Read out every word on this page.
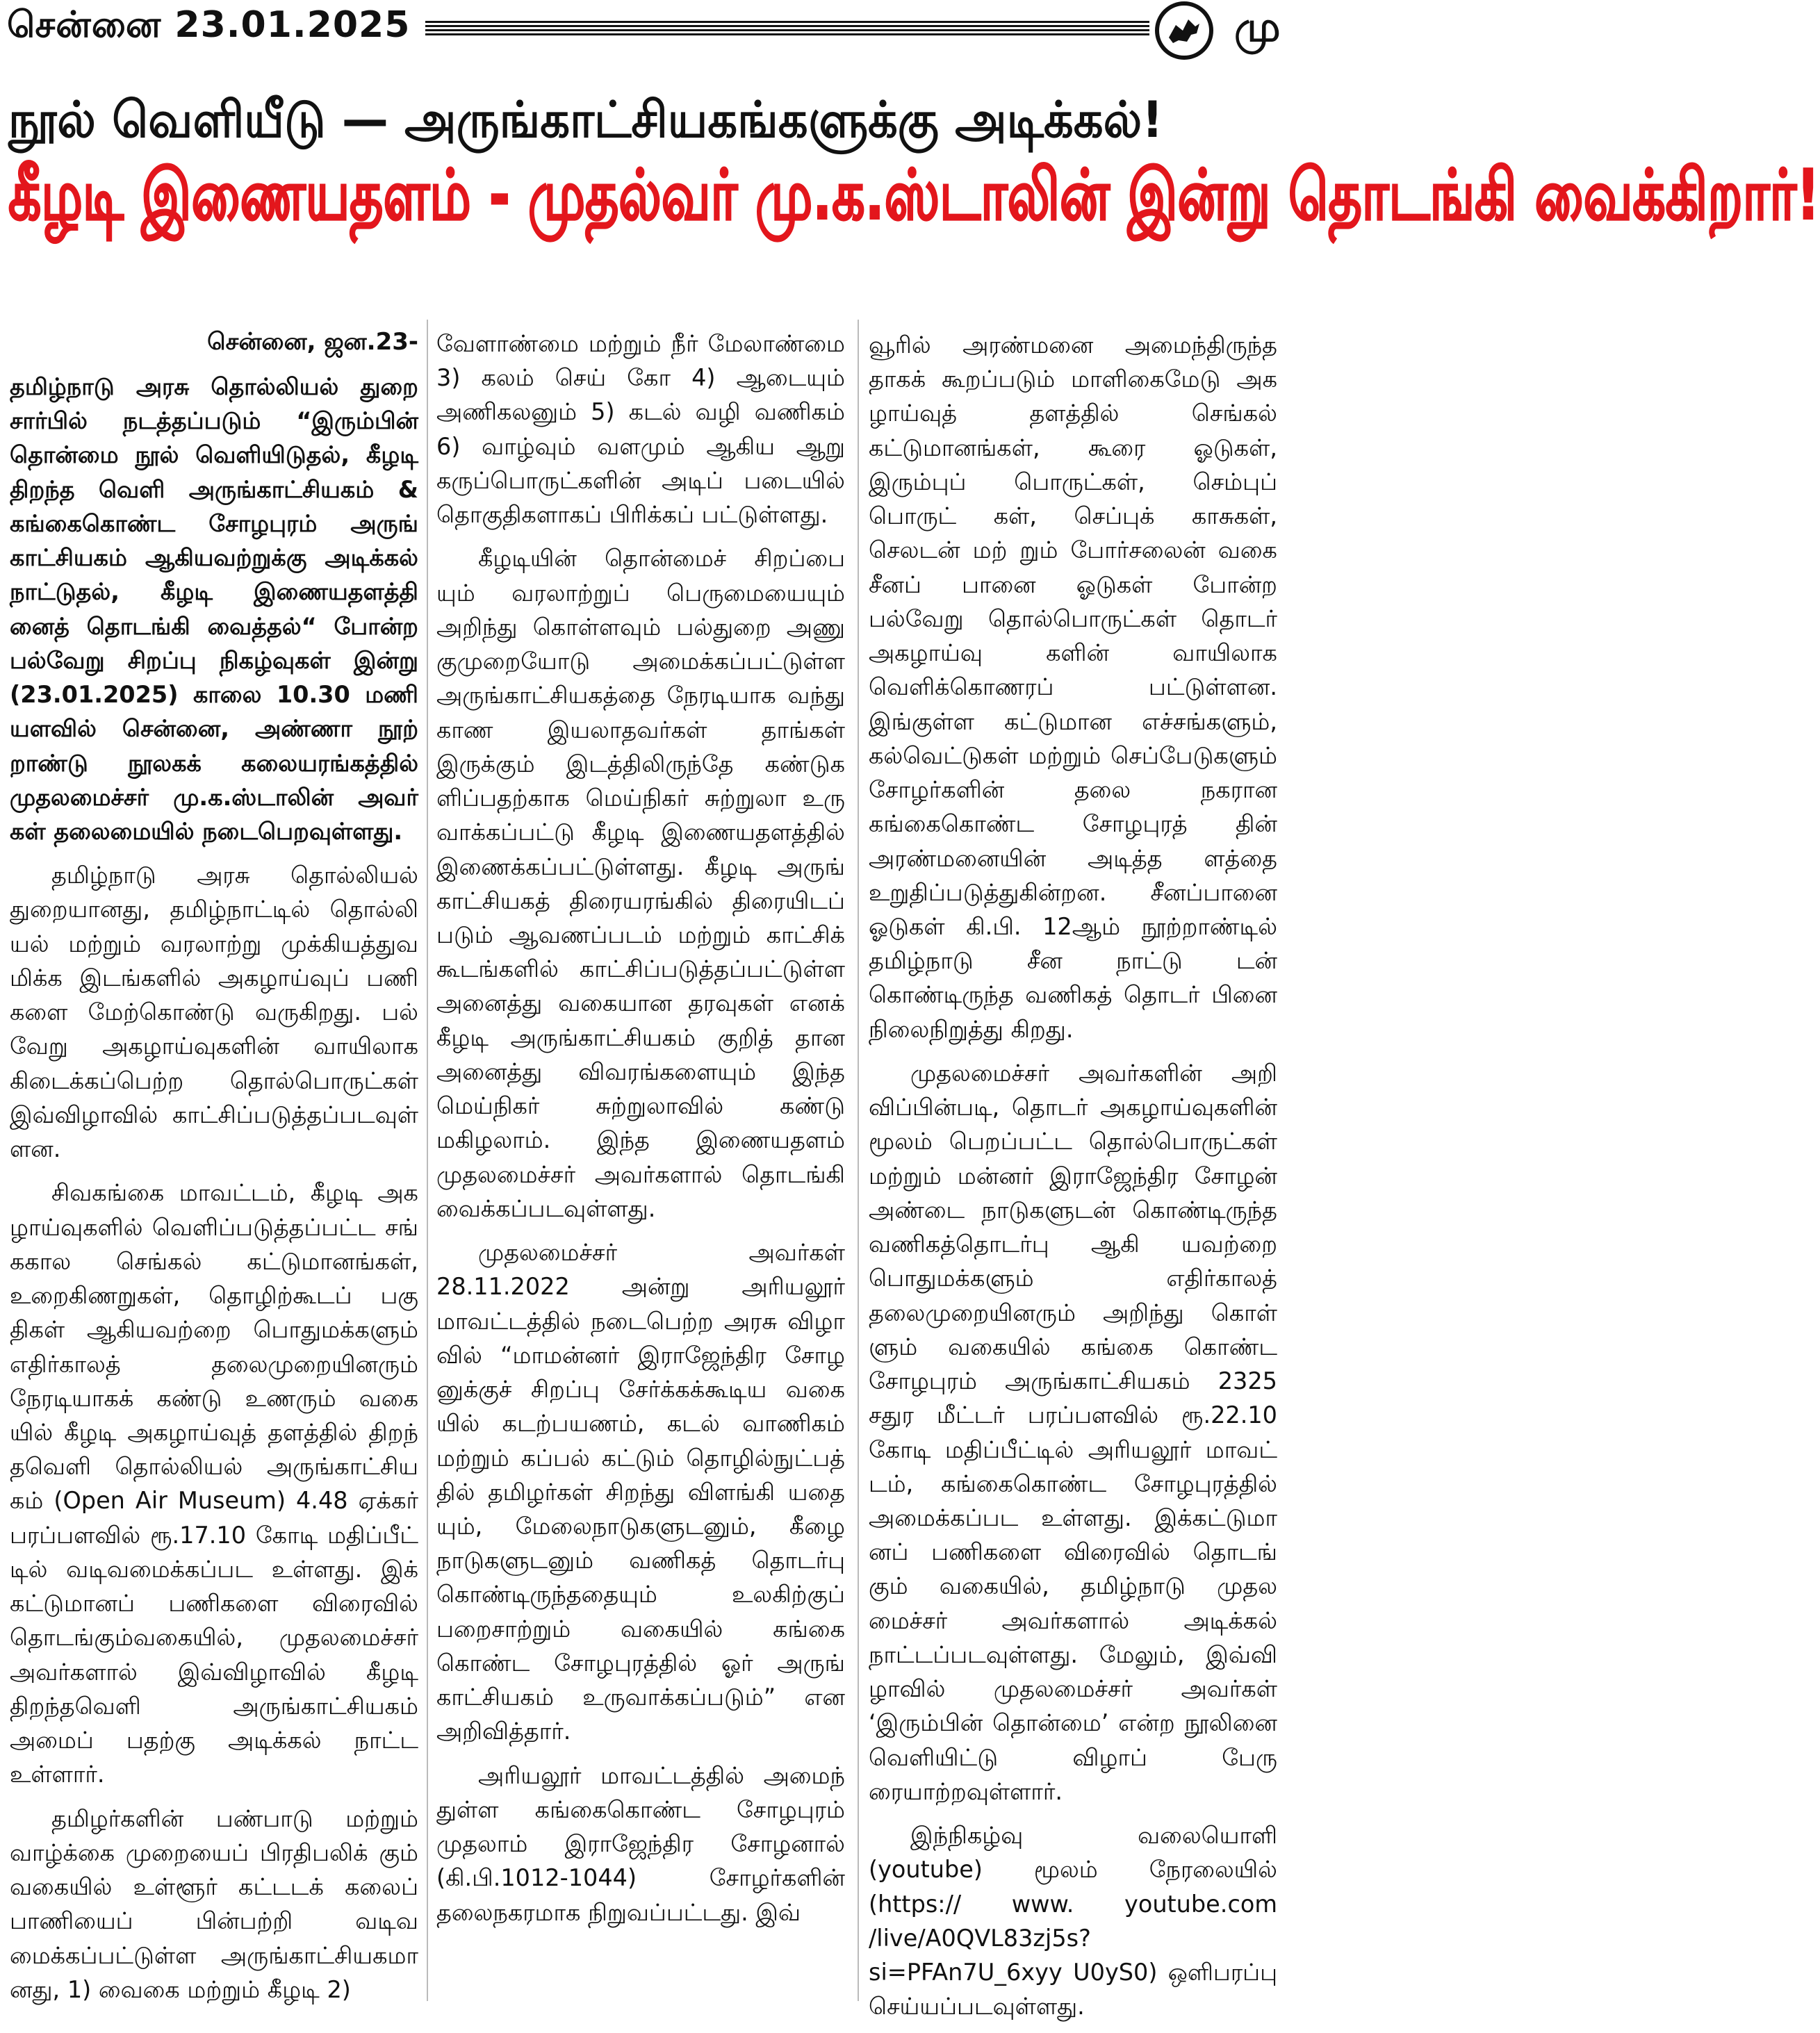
சென்னை 23.01.2025	மு
நூல் வெளியீடு — அருங்காட்சியகங்களுக்கு அடிக்கல்!
கீழடி இணையதளம் - முதல்வர் மு.க.ஸ்டாலின் இன்று தொடங்கி வைக்கிறார்!

சென்னை, ஜன.23-

தமிழ்நாடு அரசு தொல்லியல் துறை சார்பில் நடத்தப்படும் “இரும்பின் தொன்மை நூல் வெளியிடுதல், கீழடி திறந்த வெளி அருங்காட்சியகம் & கங்கைகொண்ட சோழபுரம் அருங் காட்சியகம் ஆகியவற்றுக்கு அடிக்கல் நாட்டுதல், கீழடி இணையதளத்தி னைத் தொடங்கி வைத்தல்“ போன்ற பல்வேறு சிறப்பு நிகழ்வுகள் இன்று (23.01.2025) காலை 10.30 மணி யளவில் சென்னை, அண்ணா நூற் றாண்டு நூலகக் கலையரங்கத்தில் முதலமைச்சர் மு.க.ஸ்டாலின் அவர் கள் தலைமையில் நடைபெறவுள்ளது.

தமிழ்நாடு அரசு தொல்லியல் துறையானது, தமிழ்நாட்டில் தொல்லி யல் மற்றும் வரலாற்று முக்கியத்துவ மிக்க இடங்களில் அகழாய்வுப் பணி களை மேற்கொண்டு வருகிறது. பல் வேறு அகழாய்வுகளின் வாயிலாக கிடைக்கப்பெற்ற தொல்பொருட்கள் இவ்விழாவில் காட்சிப்படுத்தப்படவுள் ளன.

சிவகங்கை மாவட்டம், கீழடி அக ழாய்வுகளில் வெளிப்படுத்தப்பட்ட சங் ககால செங்கல் கட்டுமானங்கள், உறைகிணறுகள், தொழிற்கூடப் பகு திகள் ஆகியவற்றை பொதுமக்களும் எதிர்காலத் தலைமுறையினரும் நேரடியாகக் கண்டு உணரும் வகை யில் கீழடி அகழாய்வுத் தளத்தில் திறந் தவெளி தொல்லியல் அருங்காட்சிய கம் (Open Air Museum) 4.48 ஏக்கர் பரப்பளவில் ரூ.17.10 கோடி மதிப்பீட் டில் வடிவமைக்கப்பட உள்ளது. இக் கட்டுமானப் பணிகளை விரைவில் தொடங்கும்வகையில், முதலமைச்சர் அவர்களால் இவ்விழாவில் கீழடி திறந்தவெளி அருங்காட்சியகம் அமைப் பதற்கு அடிக்கல் நாட்ட உள்ளார்.

தமிழர்களின் பண்பாடு மற்றும் வாழ்க்கை முறையைப் பிரதிபலிக் கும் வகையில் உள்ளூர் கட்டடக் கலைப் பாணியைப் பின்பற்றி வடிவ மைக்கப்பட்டுள்ள அருங்காட்சியகமா னது, 1) வைகை மற்றும் கீழடி 2)

வேளாண்மை மற்றும் நீர் மேலாண்மை 3) கலம் செய் கோ 4) ஆடையும் அணிகலனும் 5) கடல் வழி வணிகம் 6) வாழ்வும் வளமும் ஆகிய ஆறு கருப்பொருட்களின் அடிப் படையில் தொகுதிகளாகப் பிரிக்கப் பட்டுள்ளது.

கீழடியின் தொன்மைச் சிறப்பை யும் வரலாற்றுப் பெருமையையும் அறிந்து கொள்ளவும் பல்துறை அணு குமுறையோடு அமைக்கப்பட்டுள்ள அருங்காட்சியகத்தை நேரடியாக வந்து காண இயலாதவர்கள் தாங்கள் இருக்கும் இடத்திலிருந்தே கண்டுக ளிப்பதற்காக மெய்நிகர் சுற்றுலா உரு வாக்கப்பட்டு கீழடி இணையதளத்தில் இணைக்கப்பட்டுள்ளது. கீழடி அருங் காட்சியகத் திரையரங்கில் திரையிடப் படும் ஆவணப்படம் மற்றும் காட்சிக் கூடங்களில் காட்சிப்படுத்தப்பட்டுள்ள அனைத்து வகையான தரவுகள் எனக் கீழடி அருங்காட்சியகம் குறித் தான அனைத்து விவரங்களையும் இந்த மெய்நிகர் சுற்றுலாவில் கண்டு மகிழலாம். இந்த இணையதளம் முதலமைச்சர் அவர்களால் தொடங்கி வைக்கப்படவுள்ளது.

முதலமைச்சர் அவர்கள் 28.11.2022 அன்று அரியலூர் மாவட்டத்தில் நடைபெற்ற அரசு விழா வில் “மாமன்னர் இராஜேந்திர சோழ னுக்குச் சிறப்பு சேர்க்கக்கூடிய வகை யில் கடற்பயணம், கடல் வாணிகம் மற்றும் கப்பல் கட்டும் தொழில்நுட்பத் தில் தமிழர்கள் சிறந்து விளங்கி யதை யும், மேலைநாடுகளுடனும், கீழை நாடுகளுடனும் வணிகத் தொடர்பு கொண்டிருந்ததையும் உலகிற்குப் பறைசாற்றும் வகையில் கங்கை கொண்ட சோழபுரத்தில் ஓர் அருங் காட்சியகம் உருவாக்கப்படும்” என அறிவித்தார்.

அரியலூர் மாவட்டத்தில் அமைந் துள்ள கங்கைகொண்ட சோழபுரம் முதலாம் இராஜேந்திர சோழனால் (கி.பி.1012-1044) சோழர்களின் தலைநகரமாக நிறுவப்பட்டது. இவ்

வூரில் அரண்மனை அமைந்திருந்த தாகக் கூறப்படும் மாளிகைமேடு அக ழாய்வுத் தளத்தில் செங்கல் கட்டுமானங்கள், கூரை ஓடுகள், இரும்புப் பொருட்கள், செம்புப் பொருட் கள், செப்புக் காசுகள், செலடன் மற் றும் போர்சலைன் வகை சீனப் பானை ஓடுகள் போன்ற பல்வேறு தொல்பொருட்கள் தொடர் அகழாய்வு களின் வாயிலாக வெளிக்கொணரப் பட்டுள்ளன. இங்குள்ள கட்டுமான எச்சங்களும், கல்வெட்டுகள் மற்றும் செப்பேடுகளும் சோழர்களின் தலை நகரான கங்கைகொண்ட சோழபுரத் தின் அரண்மனையின் அடித்த ளத்தை உறுதிப்படுத்துகின்றன. சீனப்பானை ஓடுகள் கி.பி. 12ஆம் நூற்றாண்டில் தமிழ்நாடு சீன நாட்டு டன் கொண்டிருந்த வணிகத் தொடர் பினை நிலைநிறுத்து கிறது.

முதலமைச்சர் அவர்களின் அறி விப்பின்படி, தொடர் அகழாய்வுகளின் மூலம் பெறப்பட்ட தொல்பொருட்கள் மற்றும் மன்னர் இராஜேந்திர சோழன் அண்டை நாடுகளுடன் கொண்டிருந்த வணிகத்தொடர்பு ஆகி யவற்றை பொதுமக்களும் எதிர்காலத் தலைமுறையினரும் அறிந்து கொள் ளும் வகையில் கங்கை கொண்ட சோழபுரம் அருங்காட்சியகம் 2325 சதுர மீட்டர் பரப்பளவில் ரூ.22.10 கோடி மதிப்பீட்டில் அரியலூர் மாவட் டம், கங்கைகொண்ட சோழபுரத்தில் அமைக்கப்பட உள்ளது. இக்கட்டுமா னப் பணிகளை விரைவில் தொடங் கும் வகையில், தமிழ்நாடு முதல மைச்சர் அவர்களால் அடிக்கல் நாட்டப்படவுள்ளது. மேலும், இவ்வி ழாவில் முதலமைச்சர் அவர்கள் ‘இரும்பின் தொன்மை’ என்ற நூலினை வெளியிட்டு விழாப் பேரு ரையாற்றவுள்ளார்.

இந்நிகழ்வு வலையொளி (youtube) மூலம் நேரலையில் (https:// www. youtube.com /live/A0QVL83zj5s? si=PFAn7U_6xyy U0yS0) ஒளிபரப்பு செய்யப்படவுள்ளது.
